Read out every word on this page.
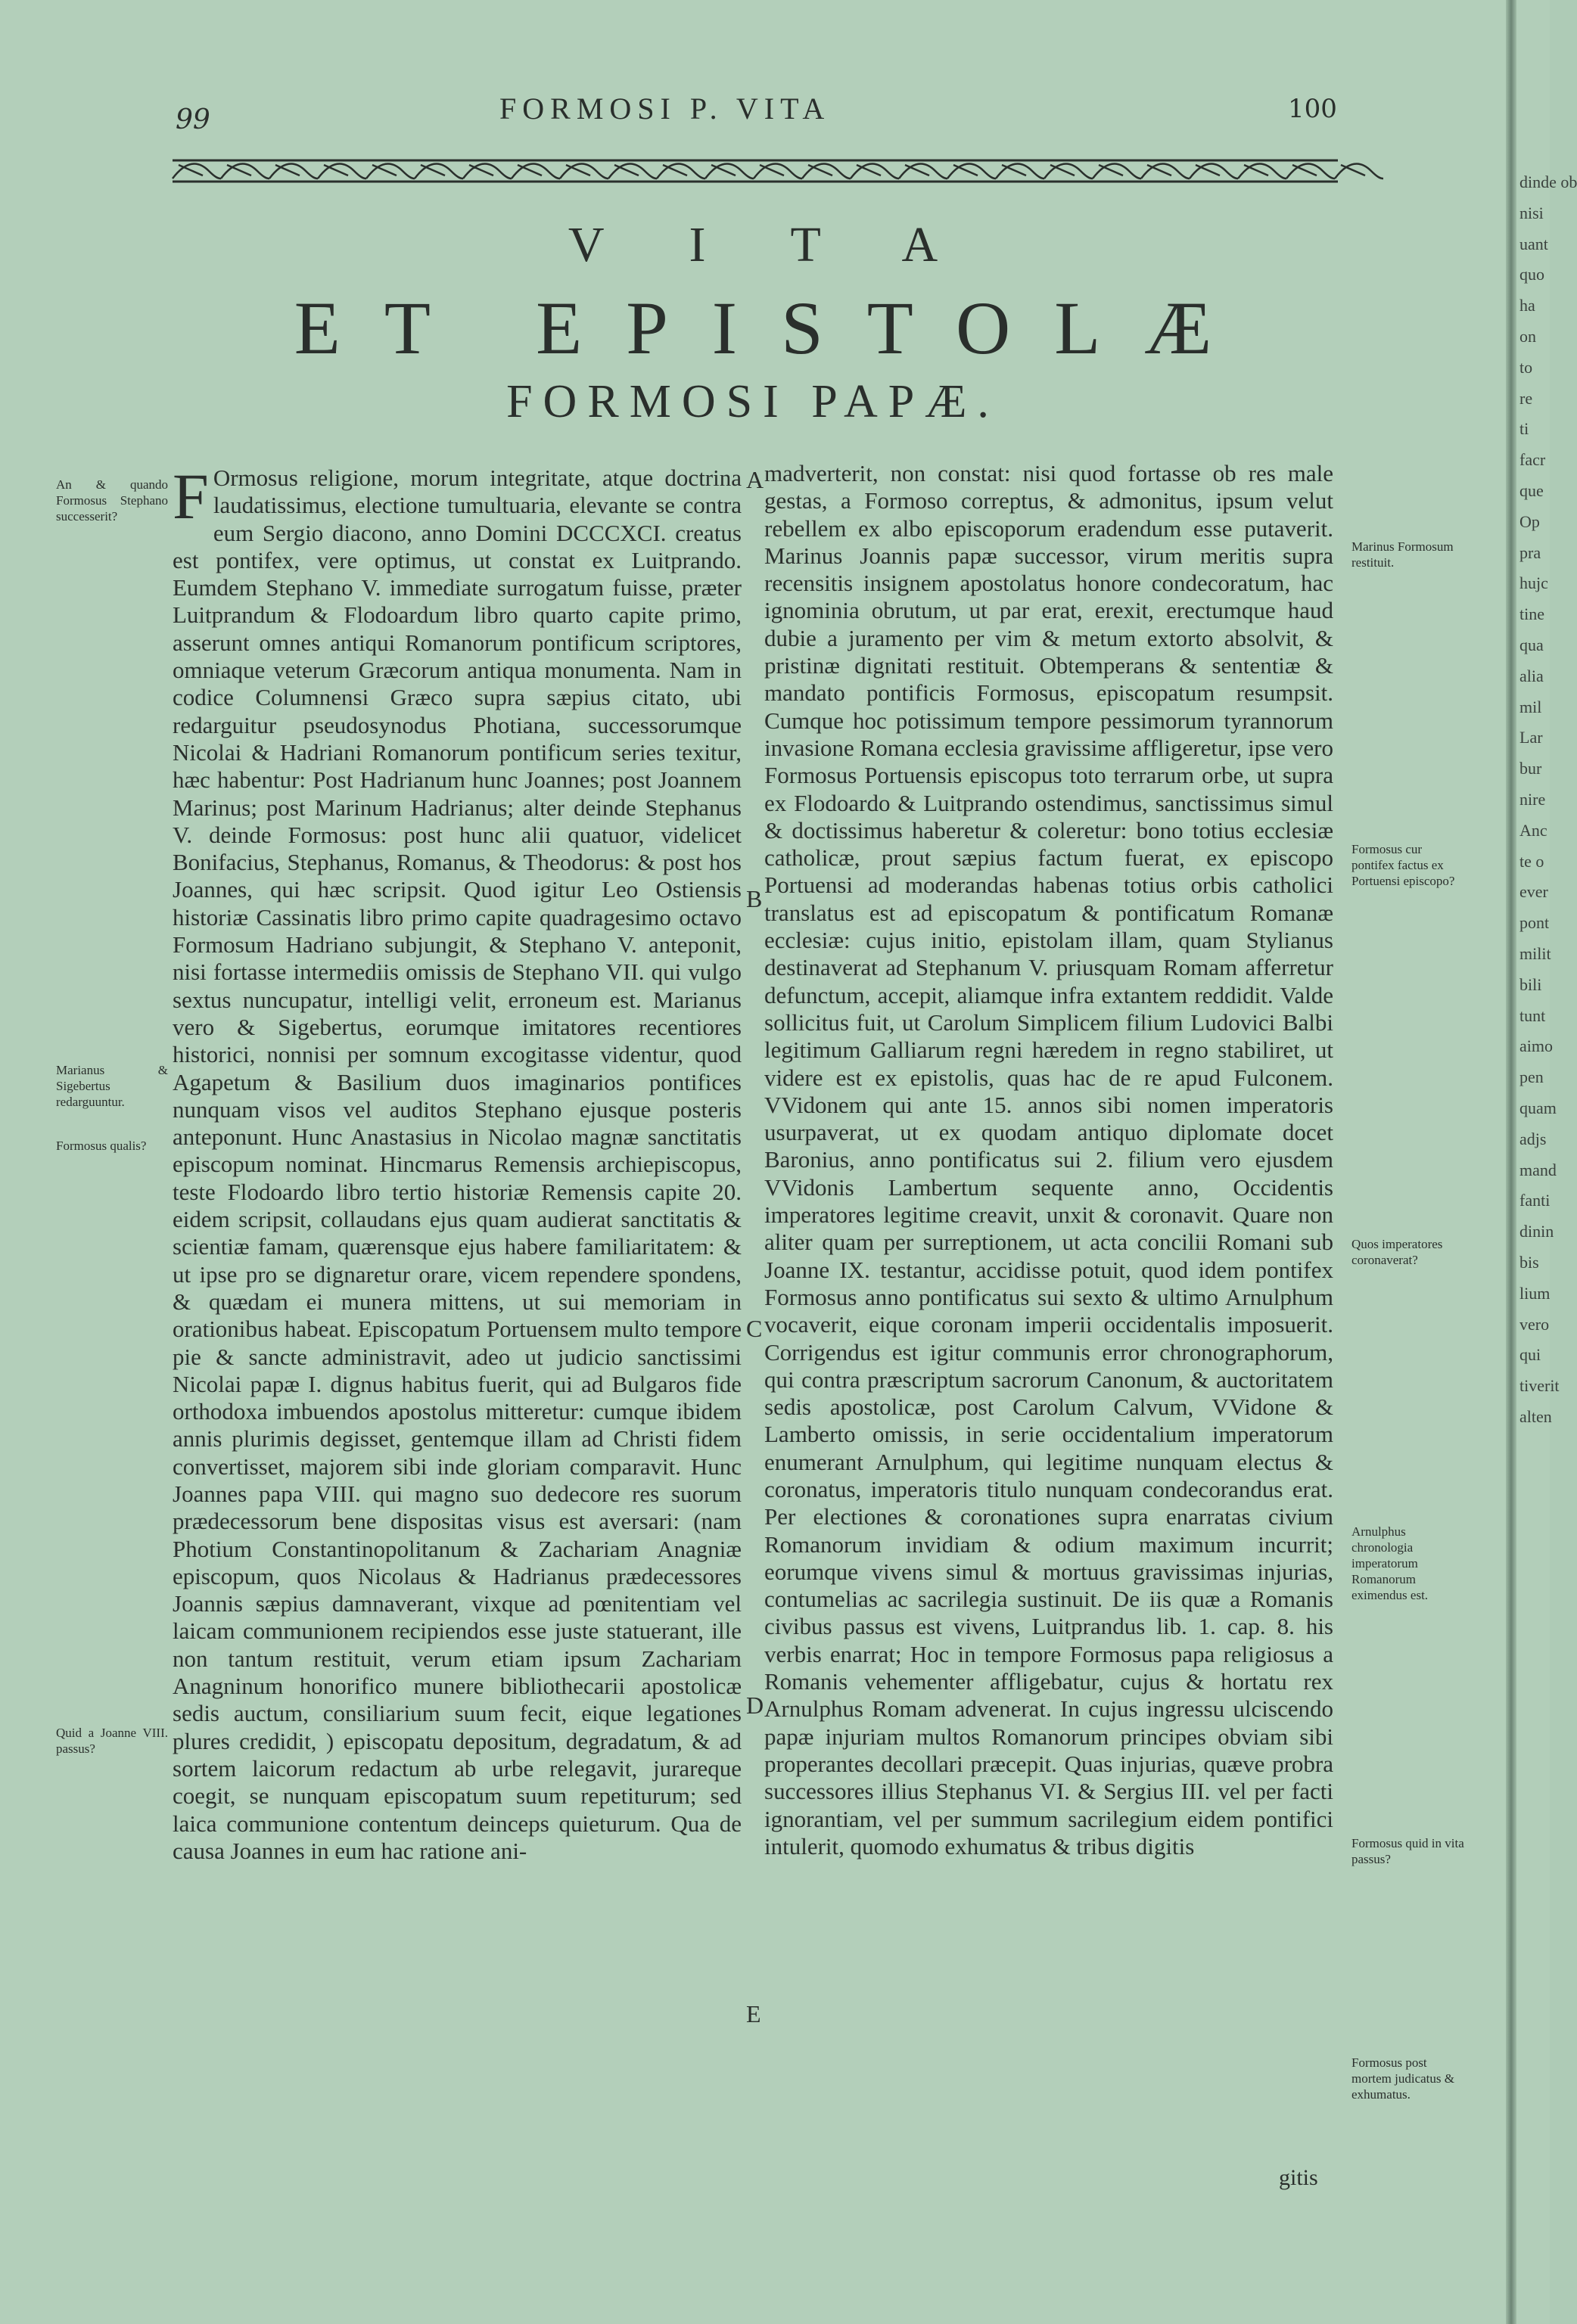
99	FORMOSI P. VITA	100
VITA
ET EPISTOLÆ
FORMOSI PAPÆ.

F Ormosus religione, morum integritate, atque doctrina laudatissimus, electione tumultuaria, elevante se contra eum Sergio diacono, anno Domini DCCCXCI. creatus est pontifex, vere optimus, ut constat ex Luitprando. Eumdem Stephano V. immediate surrogatum fuisse, præter Luitprandum & Flodoardum libro quarto capite primo, asserunt omnes antiqui Romanorum pontificum scriptores, omniaque veterum Græcorum antiqua monumenta. Nam in codice Columnensi Græco supra sæpius citato, ubi redarguitur pseudosynodus Photiana, successorumque Nicolai & Hadriani Romanorum pontificum series texitur, hæc habentur: Post Hadrianum hunc Joannes; post Joannem Marinus; post Marinum Hadrianus; alter deinde Stephanus V. deinde Formosus: post hunc alii quatuor, videlicet Bonifacius, Stephanus, Romanus, & Theodorus: & post hos Joannes, qui hæc scripsit. Quod igitur Leo Ostiensis historiæ Cassinatis libro primo capite quadragesimo octavo Formosum Hadriano subjungit, & Stephano V. anteponit, nisi fortasse intermediis omissis de Stephano VII. qui vulgo sextus nuncupatur, intelligi velit, erroneum est. Marianus vero & Sigebertus, eorumque imitatores recentiores historici, nonnisi per somnum excogitasse videntur, quod Agapetum & Basilium duos imaginarios pontifices nunquam visos vel auditos Stephano ejusque posteris anteponunt. Hunc Anastasius in Nicolao magnæ sanctitatis episcopum nominat. Hincmarus Remensis archiepiscopus, teste Flodoardo libro tertio historiæ Remensis capite 20. eidem scripsit, collaudans ejus quam audierat sanctitatis & scientiæ famam, quærensque ejus habere familiaritatem: & ut ipse pro se dignaretur orare, vicem rependere spondens, & quædam ei munera mittens, ut sui memoriam in orationibus habeat. Episcopatum Portuensem multo tempore pie & sancte administravit, adeo ut judicio sanctissimi Nicolai papæ I. dignus habitus fuerit, qui ad Bulgaros fide orthodoxa imbuendos apostolus mitteretur: cumque ibidem annis plurimis degisset, gentemque illam ad Christi fidem convertisset, majorem sibi inde gloriam comparavit. Hunc Joannes papa VIII. qui magno suo dedecore res suorum prædecessorum bene dispositas visus est aversari: (nam Photium Constantinopolitanum & Zachariam Anagniæ episcopum, quos Nicolaus & Hadrianus prædecessores Joannis sæpius damnaverant, vixque ad pœnitentiam vel laicam communionem recipiendos esse juste statuerant, ille non tantum restituit, verum etiam ipsum Zachariam Anagninum honorifico munere bibliothecarii apostolicæ sedis auctum, consiliarium suum fecit, eique legationes plures credidit, ) episcopatu depositum, degradatum, & ad sortem laicorum redactum ab urbe relegavit, jurareque coegit, se nunquam episcopatum suum repetiturum; sed laica communione contentum deinceps quieturum. Qua de causa Joannes in eum hac ratione ani-

madverterit, non constat: nisi quod fortasse ob res male gestas, a Formoso correptus, & admonitus, ipsum velut rebellem ex albo episcoporum eradendum esse putaverit. Marinus Joannis papæ successor, virum meritis supra recensitis insignem apostolatus honore condecoratum, hac ignominia obrutum, ut par erat, erexit, erectumque haud dubie a juramento per vim & metum extorto absolvit, & pristinæ dignitati restituit. Obtemperans & sententiæ & mandato pontificis Formosus, episcopatum resumpsit. Cumque hoc potissimum tempore pessimorum tyrannorum invasione Romana ecclesia gravissime affligeretur, ipse vero Formosus Portuensis episcopus toto terrarum orbe, ut supra ex Flodoardo & Luitprando ostendimus, sanctissimus simul & doctissimus haberetur & coleretur: bono totius ecclesiæ catholicæ, prout sæpius factum fuerat, ex episcopo Portuensi ad moderandas habenas totius orbis catholici translatus est ad episcopatum & pontificatum Romanæ ecclesiæ: cujus initio, epistolam illam, quam Stylianus destinaverat ad Stephanum V. priusquam Romam afferretur defunctum, accepit, aliamque infra extantem reddidit. Valde sollicitus fuit, ut Carolum Simplicem filium Ludovici Balbi legitimum Galliarum regni hæredem in regno stabiliret, ut videre est ex epistolis, quas hac de re apud Fulconem. VVidonem qui ante 15. annos sibi nomen imperatoris usurpaverat, ut ex quodam antiquo diplomate docet Baronius, anno pontificatus sui 2. filium vero ejusdem VVidonis Lambertum sequente anno, Occidentis imperatores legitime creavit, unxit & coronavit. Quare non aliter quam per surreptionem, ut acta concilii Romani sub Joanne IX. testantur, accidisse potuit, quod idem pontifex Formosus anno pontificatus sui sexto & ultimo Arnulphum vocaverit, eique coronam imperii occidentalis imposuerit. Corrigendus est igitur communis error chronographorum, qui contra præscriptum sacrorum Canonum, & auctoritatem sedis apostolicæ, post Carolum Calvum, VVidone & Lamberto omissis, in serie occidentalium imperatorum enumerant Arnulphum, qui legitime nunquam electus & coronatus, imperatoris titulo nunquam condecorandus erat. Per electiones & coronationes supra enarratas civium Romanorum invidiam & odium maximum incurrit; eorumque vivens simul & mortuus gravissimas injurias, contumelias ac sacrilegia sustinuit. De iis quæ a Romanis civibus passus est vivens, Luitprandus lib. 1. cap. 8. his verbis enarrat; Hoc in tempore Formosus papa religiosus a Romanis vehementer affligebatur, cujus & hortatu rex Arnulphus Romam advenerat. In cujus ingressu ulciscendo papæ injuriam multos Romanorum principes obviam sibi properantes decollari præcepit. Quas injurias, quæve probra successores illius Stephanus VI. & Sergius III. vel per facti ignorantiam, vel per summum sacrilegium eidem pontifici intulerit, quomodo exhumatus & tribus digitis

A
B
C
D
E
An & quando Formosus Stephano successerit?
Marianus & Sigebertus redarguuntur.
Formosus qualis?
Quid a Joanne VIII. passus?
Marinus Formosum restituit.
Formosus cur pontifex factus ex Portuensi episcopo?
Quos imperatores coronaverat?
Arnulphus chronologia imperatorum Romanorum eximendus est.
Formosus quid in vita passus?
Formosus post mortem judicatus & exhumatus.
gitis
dinde ob
nisi
uant
quo
ha
on
to
re
ti
facr
que
Op
pra
hujc
tine
qua
alia
mil
Lar
bur
nire
Anc
te o
ever
pont
milit
bili
tunt
aimo
pen
quam
adjs
mand
fanti
dinin
bis
lium
vero
qui
tiverit
alten
